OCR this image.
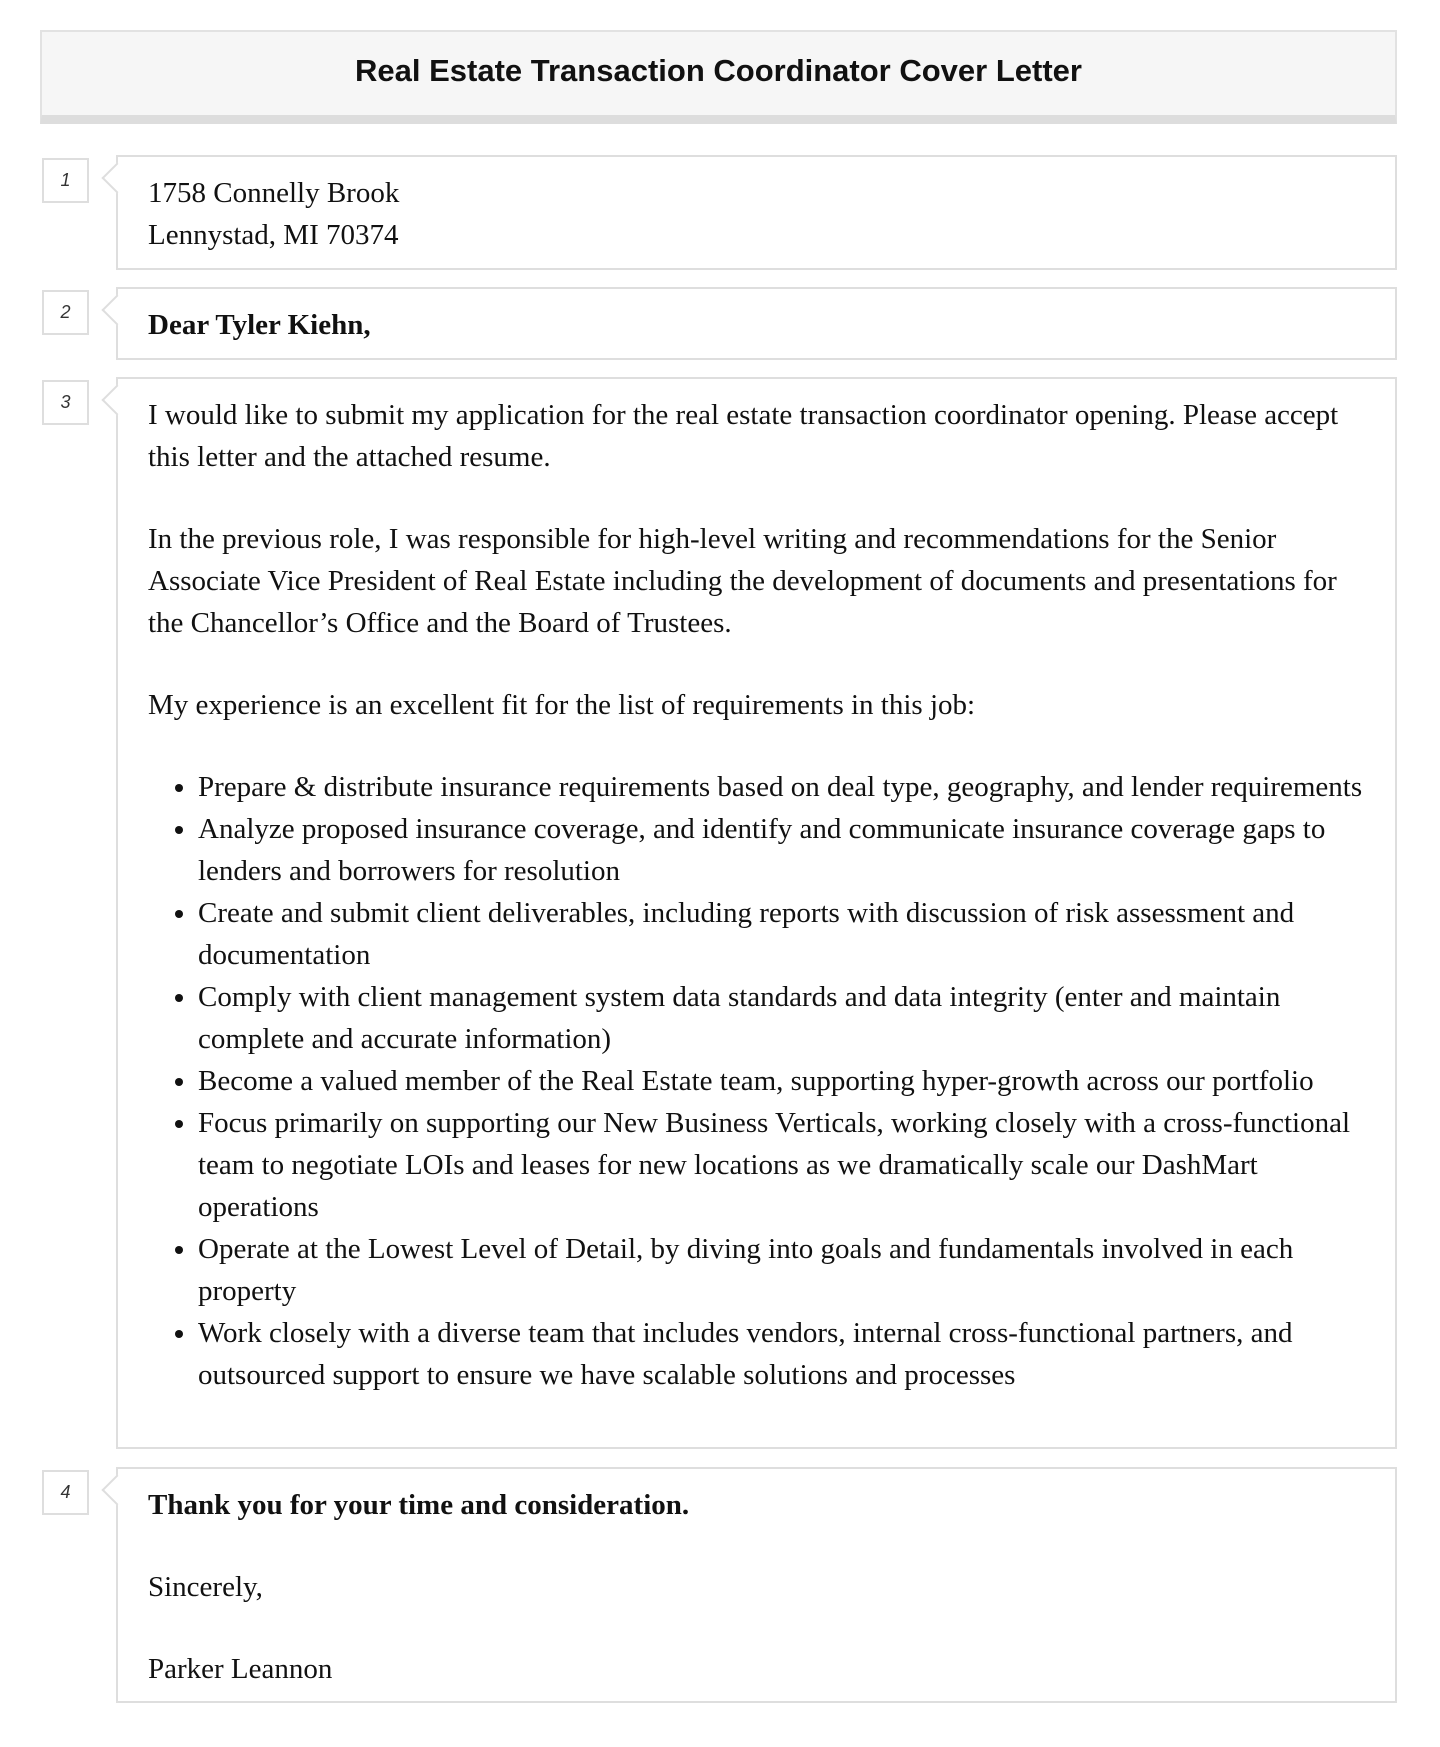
Real Estate Transaction Coordinator Cover Letter
1	1758 Connelly Brook
Lennystad, MI 70374
2	Dear Tyler Kiehn,
3	I would like to submit my application for the real estate transaction coordinator opening. Please accept this letter and the attached resume.

In the previous role, I was responsible for high-level writing and recommendations for the Senior Associate Vice President of Real Estate including the development of documents and presentations for the Chancellor’s Office and the Board of Trustees.

My experience is an excellent fit for the list of requirements in this job:

• Prepare & distribute insurance requirements based on deal type, geography, and lender requirements
• Analyze proposed insurance coverage, and identify and communicate insurance coverage gaps to lenders and borrowers for resolution
• Create and submit client deliverables, including reports with discussion of risk assessment and documentation
• Comply with client management system data standards and data integrity (enter and maintain complete and accurate information)
• Become a valued member of the Real Estate team, supporting hyper-growth across our portfolio
• Focus primarily on supporting our New Business Verticals, working closely with a cross-functional team to negotiate LOIs and leases for new locations as we dramatically scale our DashMart operations
• Operate at the Lowest Level of Detail, by diving into goals and fundamentals involved in each property
• Work closely with a diverse team that includes vendors, internal cross-functional partners, and outsourced support to ensure we have scalable solutions and processes
4	Thank you for your time and consideration.

Sincerely,

Parker Leannon
